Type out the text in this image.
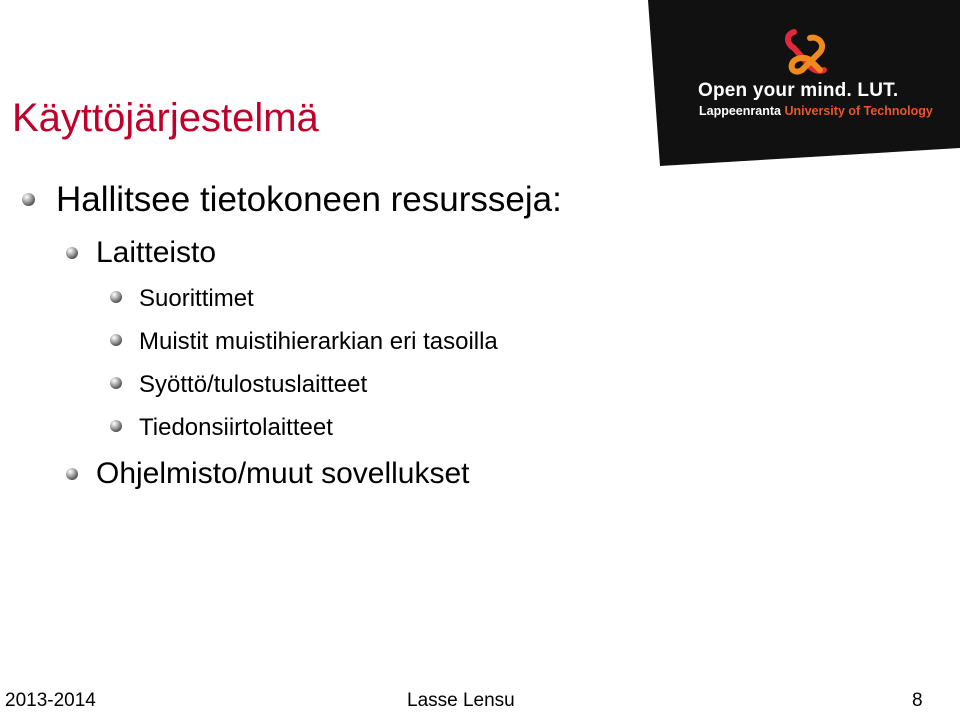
Open your mind. LUT.
Lappeenranta University of Technology
Käyttöjärjestelmä
Hallitsee tietokoneen resursseja:
Laitteisto
Suorittimet
Muistit muistihierarkian eri tasoilla
Syöttö/tulostuslaitteet
Tiedonsiirtolaitteet
Ohjelmisto/muut sovellukset
2013-2014	Lasse Lensu	8
